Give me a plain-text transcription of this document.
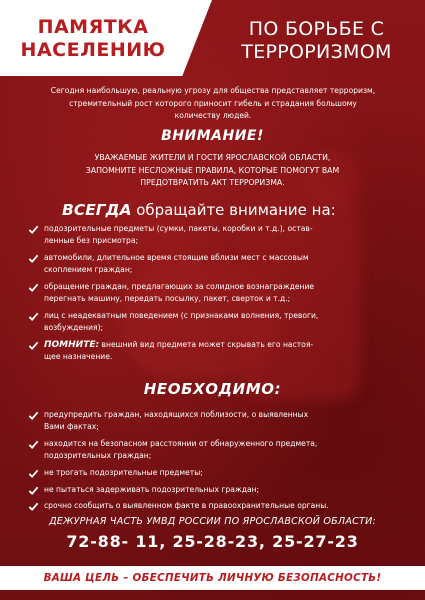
ПАМЯТКА
НАСЕЛЕНИЮ
ПО БОРЬБЕ С
ТЕРРОРИЗМОМ
Сегодня наибольшую, реальную угрозу для общества представляет терроризм,
стремительный рост которого приносит гибель и страдания большому
количеству людей.
ВНИМАНИЕ!
УВАЖАЕМЫЕ ЖИТЕЛИ И ГОСТИ ЯРОСЛАВСКОЙ ОБЛАСТИ,
ЗАПОМНИТЕ НЕСЛОЖНЫЕ ПРАВИЛА, КОТОРЫЕ ПОМОГУТ ВАМ
ПРЕДОТВРАТИТЬ АКТ ТЕРРОРИЗМА.
ВСЕГДА обращайте внимание на:
подозрительные предметы (сумки, пакеты, коробки и т.д.), остав-
ленные без присмотра;
автомобили, длительное время стоящие вблизи мест с массовым
скоплением граждан;
обращение граждан, предлагающих за солидное вознаграждение
перегнать машину, передать посылку, пакет, сверток и т.д.;
лиц с неадекватным поведением (с признаками волнения, тревоги,
возбуждения);
ПОМНИТЕ: внешний вид предмета может скрывать его настоя-
щее назначение.
НЕОБХОДИМО:
предупредить граждан, находящихся поблизости, о выявленных
Вами фактах;
находится на безопасном расстоянии от обнаруженного предмета,
подозрительных граждан;
не трогать подозрительные предметы;
не пытаться задерживать подозрительных граждан;
срочно сообщить о выявленном факте в правоохранительные органы.
ДЕЖУРНАЯ ЧАСТЬ УМВД РОССИИ ПО ЯРОСЛАВСКОЙ ОБЛАСТИ:
72-88- 11, 25-28-23, 25-27-23
ВАША ЦЕЛЬ – ОБЕСПЕЧИТЬ ЛИЧНУЮ БЕЗОПАСНОСТЬ!
